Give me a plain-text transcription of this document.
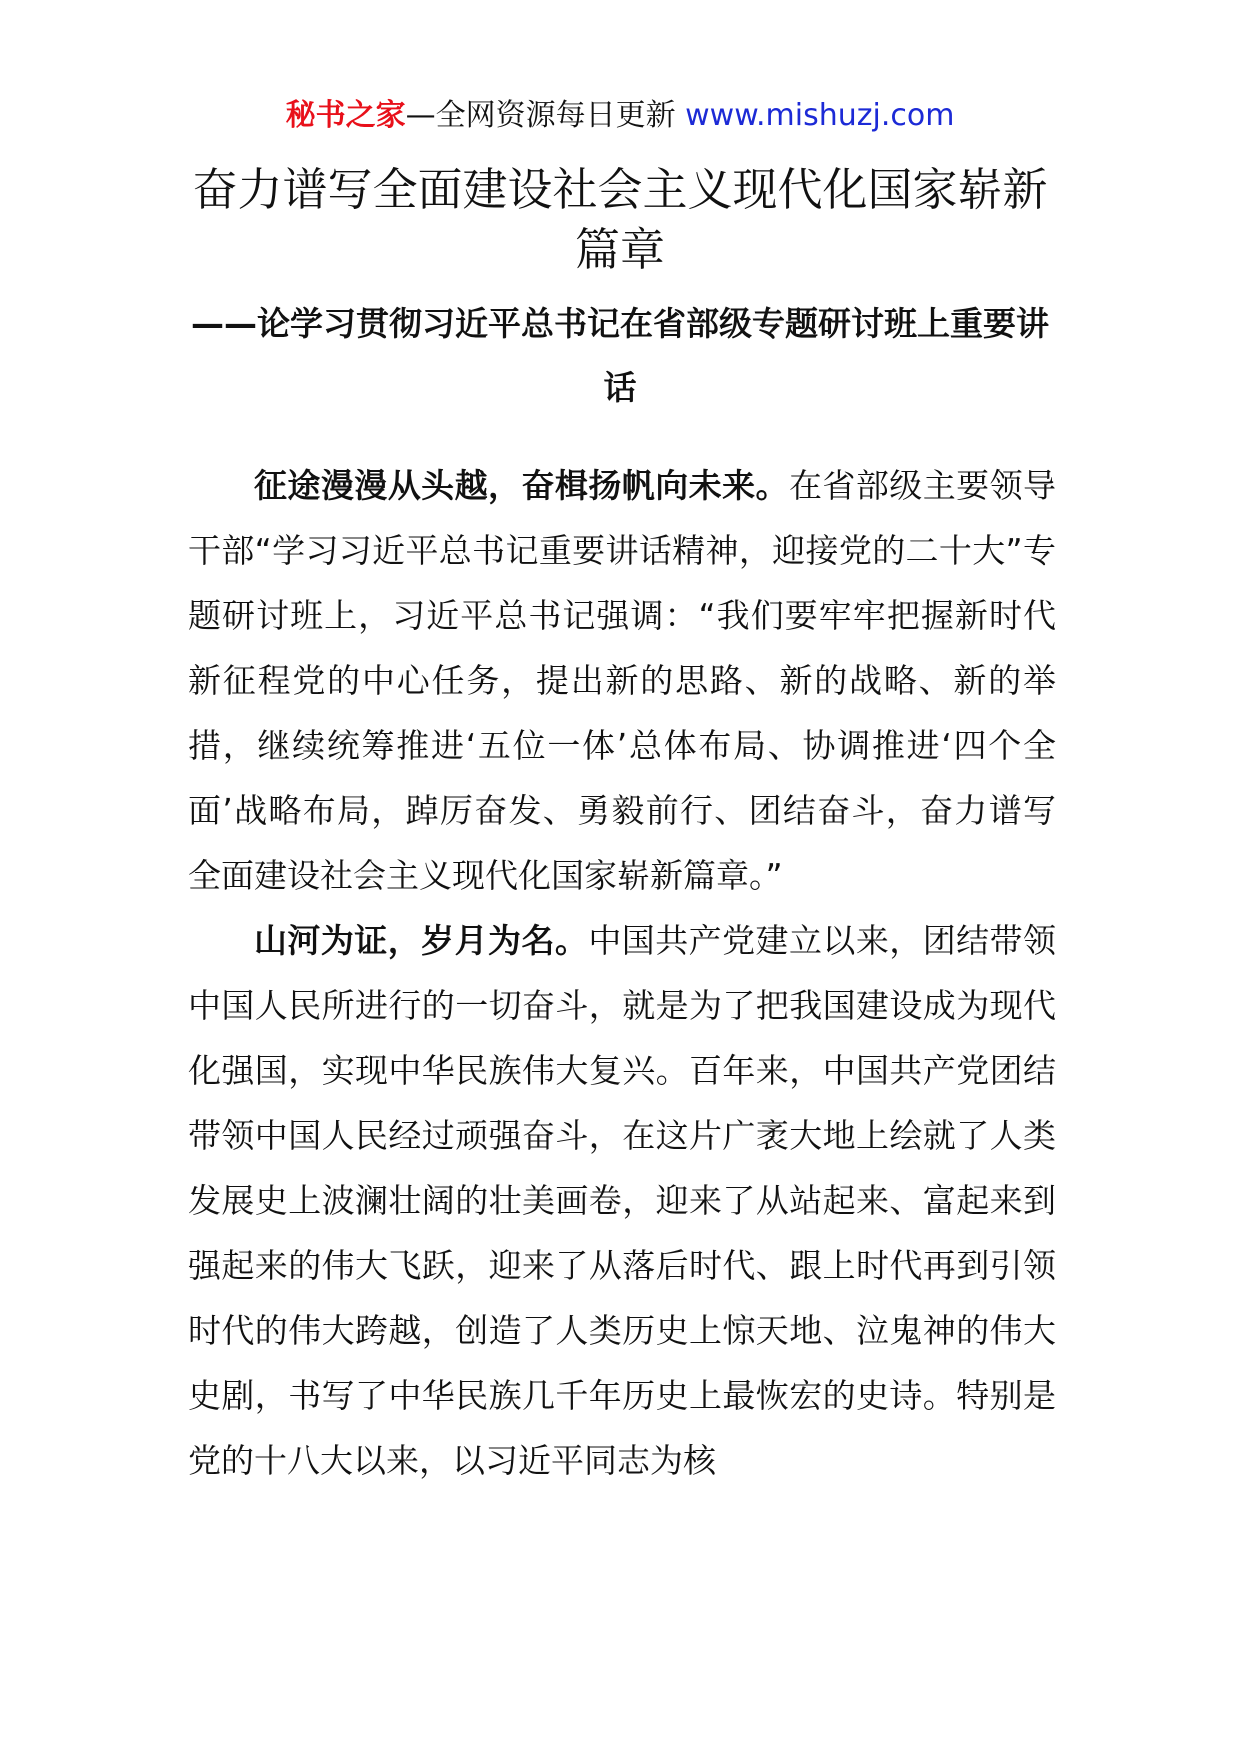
秘书之家—全网资源每日更新 www.mishuzj.com
奋力谱写全面建设社会主义现代化国家崭新篇章
——论学习贯彻习近平总书记在省部级专题研讨班上重要讲话

征途漫漫从头越，奋楫扬帆向未来。在省部级主要领导干部“学习习近平总书记重要讲话精神，迎接党的二十大”专题研讨班上，习近平总书记强调：“我们要牢牢把握新时代新征程党的中心任务，提出新的思路、新的战略、新的举措，继续统筹推进‘五位一体’总体布局、协调推进‘四个全面’战略布局，踔厉奋发、勇毅前行、团结奋斗，奋力谱写全面建设社会主义现代化国家崭新篇章。”

山河为证，岁月为名。中国共产党建立以来，团结带领中国人民所进行的一切奋斗，就是为了把我国建设成为现代化强国，实现中华民族伟大复兴。百年来，中国共产党团结带领中国人民经过顽强奋斗，在这片广袤大地上绘就了人类发展史上波澜壮阔的壮美画卷，迎来了从站起来、富起来到强起来的伟大飞跃，迎来了从落后时代、跟上时代再到引领时代的伟大跨越，创造了人类历史上惊天地、泣鬼神的伟大史剧，书写了中华民族几千年历史上最恢宏的史诗。特别是党的十八大以来，以习近平同志为核
